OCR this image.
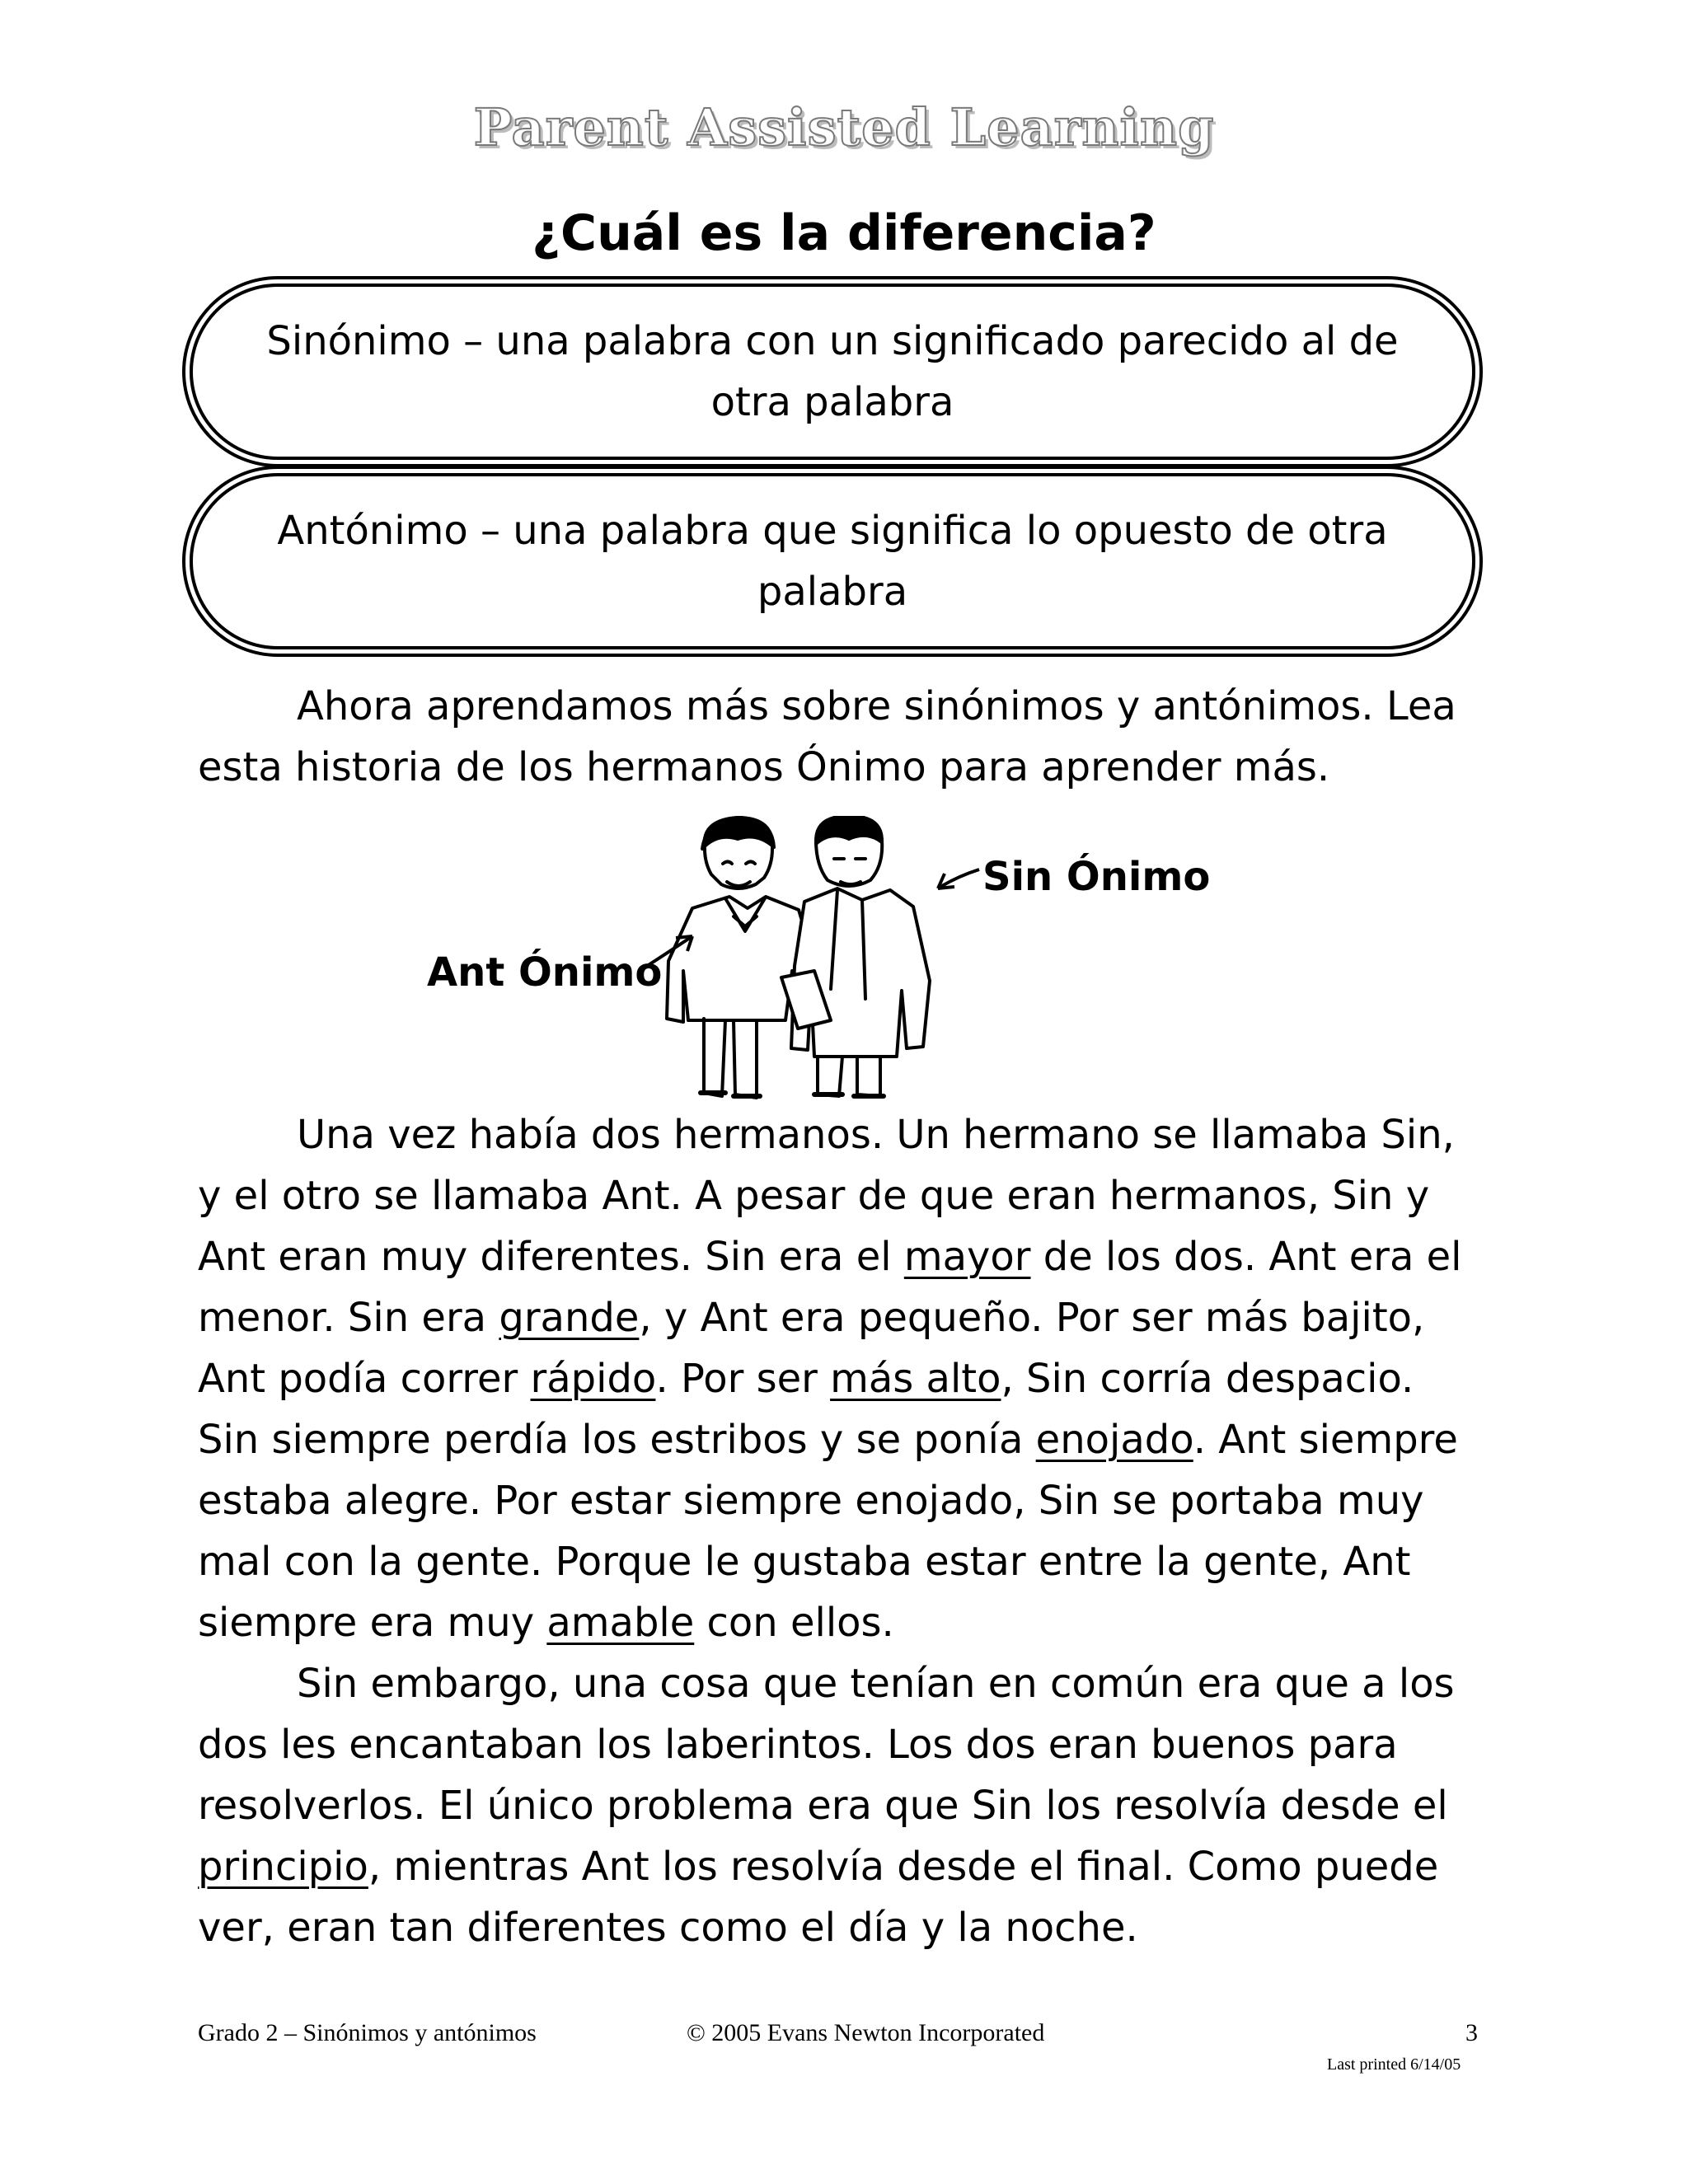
Parent Assisted Learning
¿Cuál es la diferencia?
Sinónimo – una palabra con un significado parecido al de otra palabra
Antónimo – una palabra que significa lo opuesto de otra palabra

Ahora aprendamos más sobre sinónimos y antónimos. Lea esta historia de los hermanos Ónimo para aprender más.

Sin Ónimo
Ant Ónimo

Una vez había dos hermanos. Un hermano se llamaba Sin, y el otro se llamaba Ant. A pesar de que eran hermanos, Sin y Ant eran muy diferentes. Sin era el mayor de los dos. Ant era el menor. Sin era grande, y Ant era pequeño. Por ser más bajito, Ant podía correr rápido. Por ser más alto, Sin corría despacio. Sin siempre perdía los estribos y se ponía enojado. Ant siempre estaba alegre. Por estar siempre enojado, Sin se portaba muy mal con la gente. Porque le gustaba estar entre la gente, Ant siempre era muy amable con ellos.

Sin embargo, una cosa que tenían en común era que a los dos les encantaban los laberintos. Los dos eran buenos para resolverlos. El único problema era que Sin los resolvía desde el principio, mientras Ant los resolvía desde el final. Como puede ver, eran tan diferentes como el día y la noche.

Grado 2 – Sinónimos y antónimos	© 2005 Evans Newton Incorporated	3
Last printed 6/14/05
